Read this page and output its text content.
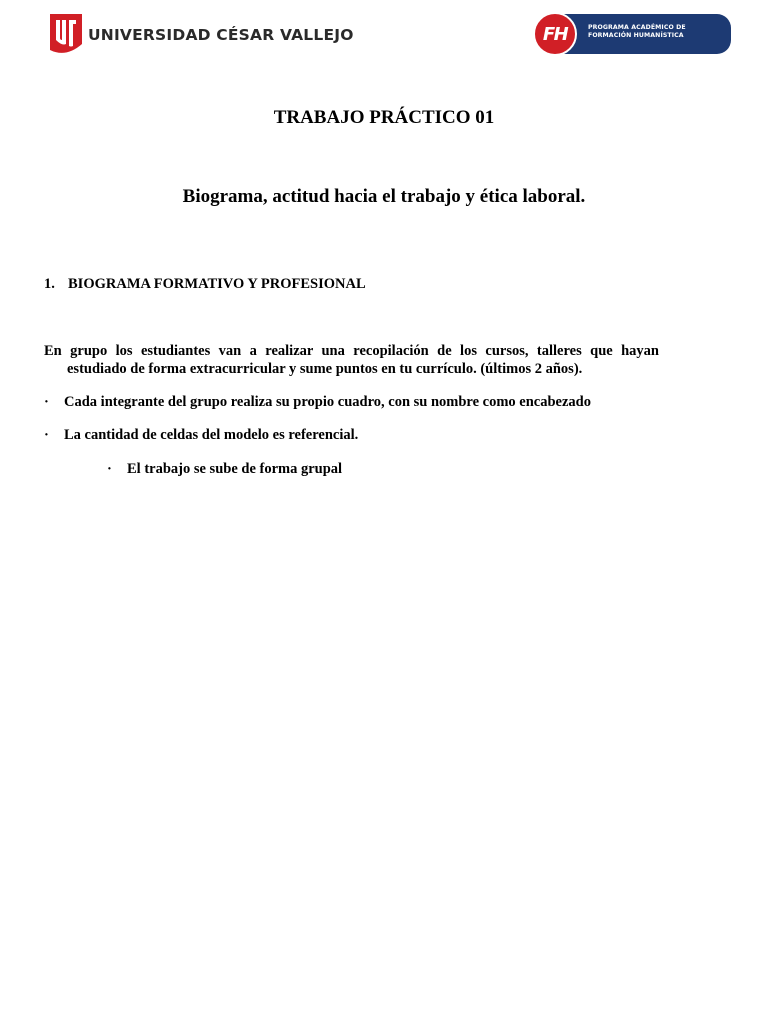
UNIVERSIDAD CÉSAR VALLEJO	PROGRAMA ACADÉMICO DE
FORMACIÓN HUMANÍSTICA
FH
TRABAJO PRÁCTICO 01
Biograma, actitud hacia el trabajo y ética laboral.
1. BIOGRAMA FORMATIVO Y PROFESIONAL
En grupo los estudiantes van a realizar una recopilación de los cursos, talleres que hayan
estudiado de forma extracurricular y sume puntos en tu currículo. (últimos 2 años).
· Cada integrante del grupo realiza su propio cuadro, con su nombre como encabezado
· La cantidad de celdas del modelo es referencial.
· El trabajo se sube de forma grupal
